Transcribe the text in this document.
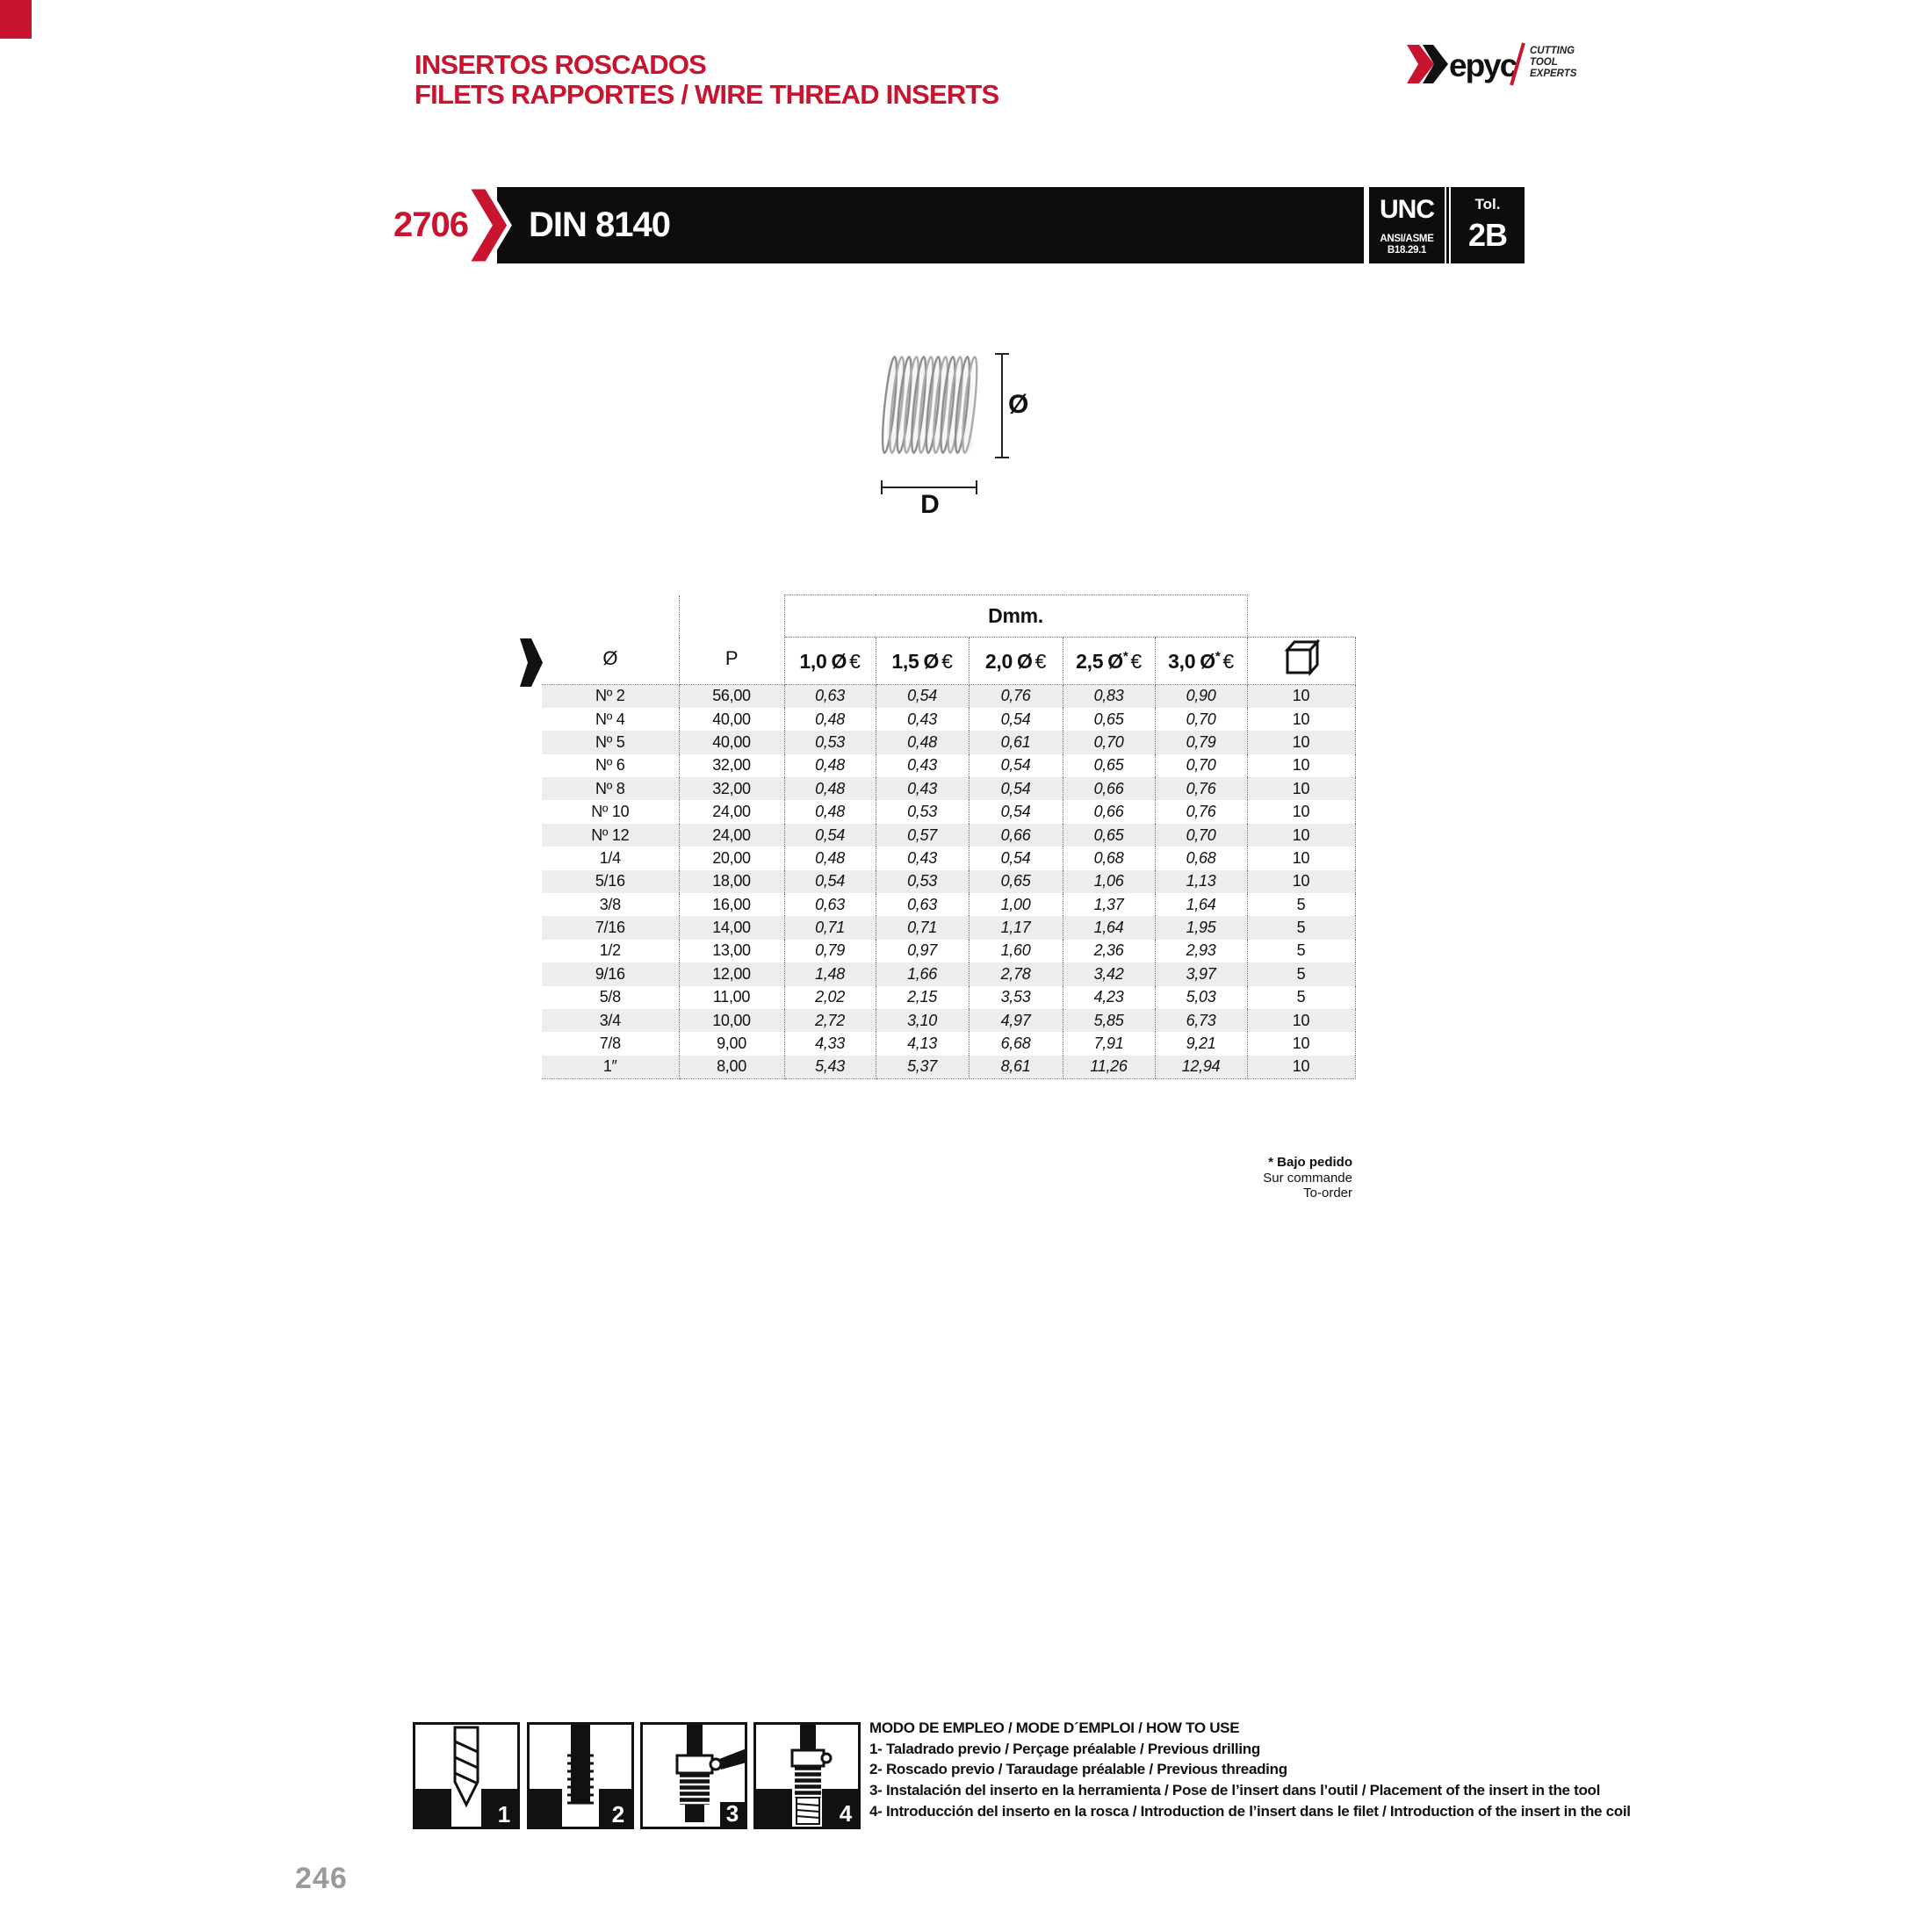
INSERTOS ROSCADOS
FILETS RAPPORTES / WIRE THREAD INSERTS
epyc CUTTING
TOOL
EXPERTS
2706 DIN 8140	UNC
ANSI/ASME
B18.29.1
Tol.
2B
Ø
D
Ø	P	Dmm.					
		1,0 Ø €	1,5 Ø €	2,0 Ø €	2,5 Ø* €	3,0 Ø* €	
Nº 2	56,00	0,63	0,54	0,76	0,83	0,90	10
Nº 4	40,00	0,48	0,43	0,54	0,65	0,70	10
Nº 5	40,00	0,53	0,48	0,61	0,70	0,79	10
Nº 6	32,00	0,48	0,43	0,54	0,65	0,70	10
Nº 8	32,00	0,48	0,43	0,54	0,66	0,76	10
Nº 10	24,00	0,48	0,53	0,54	0,66	0,76	10
Nº 12	24,00	0,54	0,57	0,66	0,65	0,70	10
1/4	20,00	0,48	0,43	0,54	0,68	0,68	10
5/16	18,00	0,54	0,53	0,65	1,06	1,13	10
3/8	16,00	0,63	0,63	1,00	1,37	1,64	5
7/16	14,00	0,71	0,71	1,17	1,64	1,95	5
1/2	13,00	0,79	0,97	1,60	2,36	2,93	5
9/16	12,00	1,48	1,66	2,78	3,42	3,97	5
5/8	11,00	2,02	2,15	3,53	4,23	5,03	5
3/4	10,00	2,72	3,10	4,97	5,85	6,73	10
7/8	9,00	4,33	4,13	6,68	7,91	9,21	10
1″	8,00	5,43	5,37	8,61	11,26	12,94	10
* Bajo pedido
Sur commande
To-order
1	2	3	4
MODO DE EMPLEO / MODE D´EMPLOI / HOW TO USE
1- Taladrado previo / Perçage préalable / Previous drilling
2- Roscado previo / Taraudage préalable / Previous threading
3- Instalación del inserto en la herramienta / Pose de l’insert dans l’outil / Placement of the insert in the tool
4- Introducción del inserto en la rosca / Introduction de l’insert dans le filet / Introduction of the insert in the coil
246
